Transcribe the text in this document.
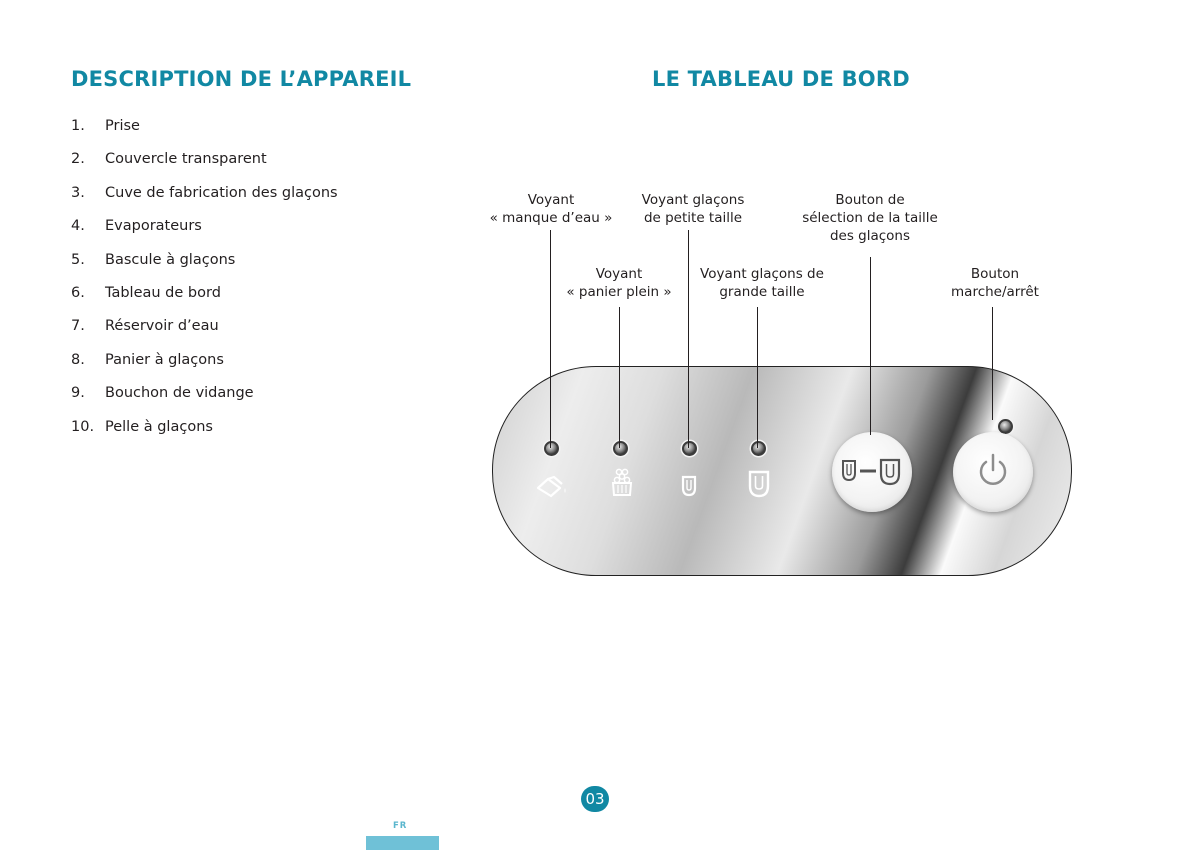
DESCRIPTION DE L’APPAREIL
1. Prise
2. Couvercle transparent
3. Cuve de fabrication des glaçons
4. Evaporateurs
5. Bascule à glaçons
6. Tableau de bord
7. Réservoir d’eau
8. Panier à glaçons
9. Bouchon de vidange
10. Pelle à glaçons
LE TABLEAU DE BORD
Voyant
« manque d’eau »
Voyant glaçons
de petite taille
Bouton de
sélection de la taille
des glaçons
Voyant
« panier plein »
Voyant glaçons de
grande taille
Bouton
marche/arrêt
03
FR
